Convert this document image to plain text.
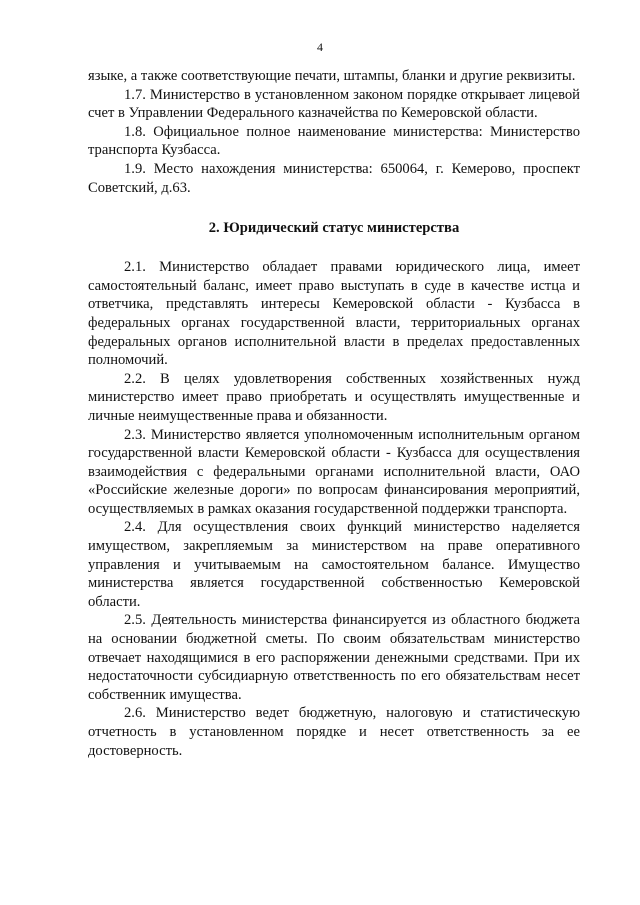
4

языке, а также соответствующие печати, штампы, бланки и другие реквизиты.

1.7. Министерство в установленном законом порядке открывает лицевой счет в Управлении Федерального казначейства по Кемеровской области.

1.8. Официальное полное наименование министерства: Министерство транспорта Кузбасса.

1.9. Место нахождения министерства: 650064, г. Кемерово, проспект Советский, д.63.

2. Юридический статус министерства

2.1. Министерство обладает правами юридического лица, имеет самостоятельный баланс, имеет право выступать в суде в качестве истца и ответчика, представлять интересы Кемеровской области - Кузбасса в федеральных органах государственной власти, территориальных органах федеральных органов исполнительной власти в пределах предоставленных полномочий.

2.2. В целях удовлетворения собственных хозяйственных нужд министерство имеет право приобретать и осуществлять имущественные и личные неимущественные права и обязанности.

2.3. Министерство является уполномоченным исполнительным органом государственной власти Кемеровской области - Кузбасса для осуществления взаимодействия с федеральными органами исполнительной власти, ОАО «Российские железные дороги» по вопросам финансирования мероприятий, осуществляемых в рамках оказания государственной поддержки транспорта.

2.4. Для осуществления своих функций министерство наделяется имуществом, закрепляемым за министерством на праве оперативного управления и учитываемым на самостоятельном балансе. Имущество министерства является государственной собственностью Кемеровской области.

2.5. Деятельность министерства финансируется из областного бюджета на основании бюджетной сметы. По своим обязательствам министерство отвечает находящимися в его распоряжении денежными средствами. При их недостаточности субсидиарную ответственность по его обязательствам несет собственник имущества.

2.6. Министерство ведет бюджетную, налоговую и статистическую отчетность в установленном порядке и несет ответственность за ее достоверность.
